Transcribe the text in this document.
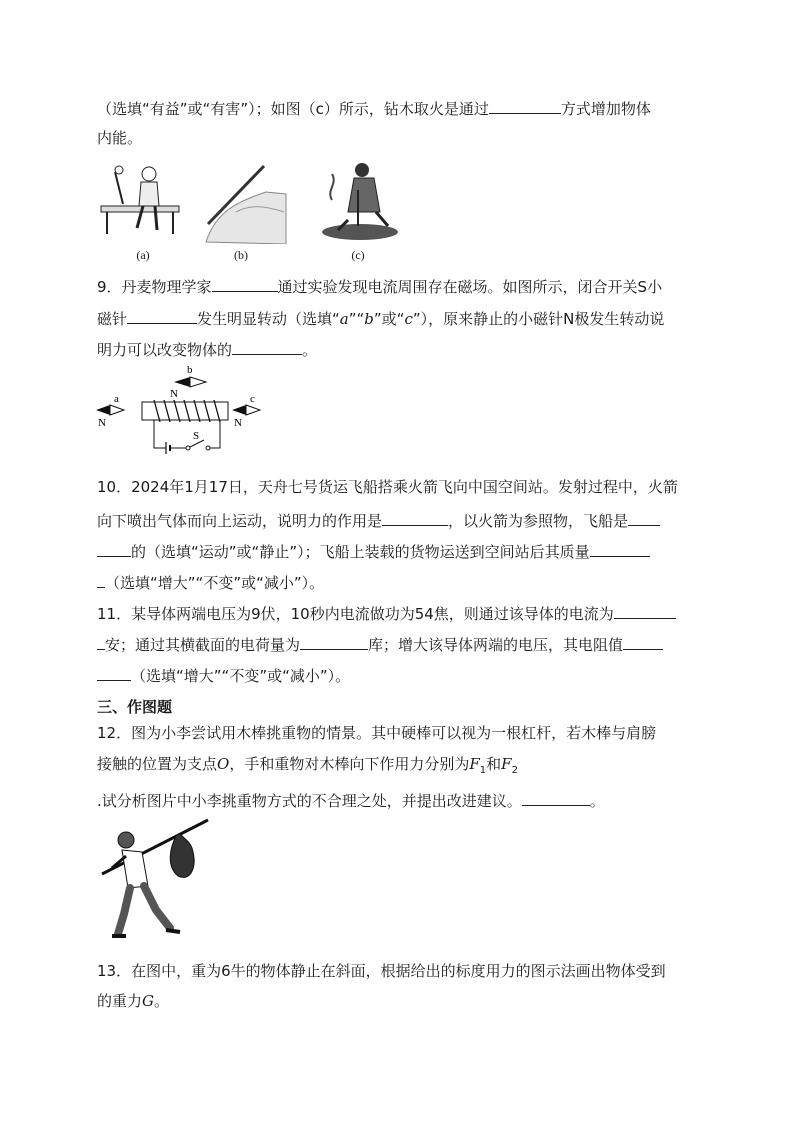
（选填“有益”或“有害”）；如图（c）所示，钻木取火是通过	方式增加物体
内能。
(a)	(b)	(c)
9．丹麦物理学家	通过实验发现电流周围存在磁场。如图所示，闭合开关S小
磁针	发生明显转动（选填“a”“b”或“c”），原来静止的小磁针N极发生转动说
明力可以改变物体的	。
b
N
a
N
c
N
S
10．2024年1月17日，天舟七号货运飞船搭乘火箭飞向中国空间站。发射过程中，火箭
向下喷出气体而向上运动，说明力的作用是	，以火箭为参照物，飞船是
的（选填“运动”或“静止”）；飞船上装载的货物运送到空间站后其质量
（选填“增大”“不变”或“减小”）。
11．某导体两端电压为9伏，10秒内电流做功为54焦，则通过该导体的电流为
安；通过其横截面的电荷量为	库；增大该导体两端的电压，其电阻值
（选填“增大”“不变”或“减小”）。
三、作图题
12．图为小李尝试用木棒挑重物的情景。其中硬棒可以视为一根杠杆，若木棒与肩膀
接触的位置为支点O，手和重物对木棒向下作用力分别为$F_1$和$F_2$
.试分析图片中小李挑重物方式的不合理之处，并提出改进建议。	。
13．在图中，重为6牛的物体静止在斜面，根据给出的标度用力的图示法画出物体受到
的重力G。
